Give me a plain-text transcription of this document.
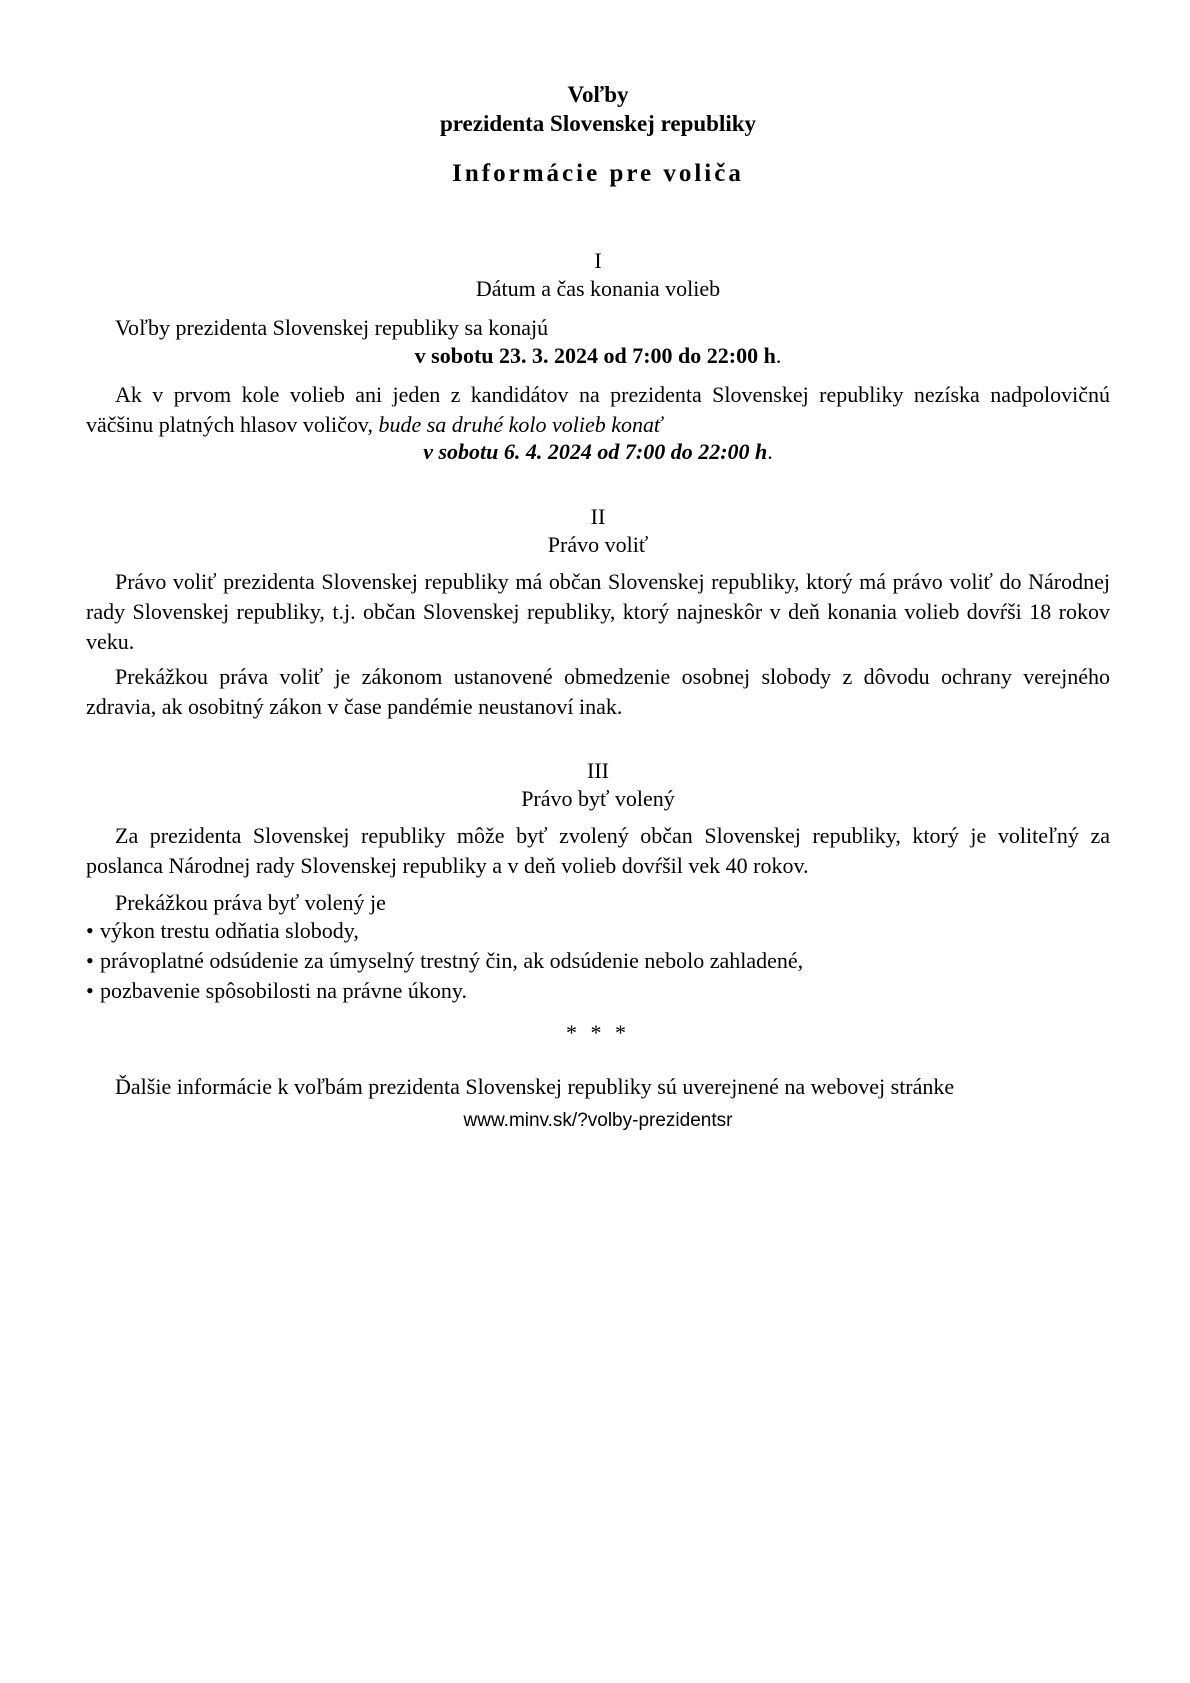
Voľby
prezidenta Slovenskej republiky
Informácie pre voliča
I
Dátum a čas konania volieb

Voľby prezidenta Slovenskej republiky sa konajú

v sobotu 23. 3. 2024 od 7:00 do 22:00 h.

Ak v prvom kole volieb ani jeden z kandidátov na prezidenta Slovenskej republiky nezíska nadpolovičnú väčšinu platných hlasov voličov, bude sa druhé kolo volieb konať

v sobotu 6. 4. 2024 od 7:00 do 22:00 h.
II
Právo voliť

Právo voliť prezidenta Slovenskej republiky má občan Slovenskej republiky, ktorý má právo voliť do Národnej rady Slovenskej republiky, t.j. občan Slovenskej republiky, ktorý najneskôr v deň konania volieb dovŕši 18 rokov veku.

Prekážkou práva voliť je zákonom ustanovené obmedzenie osobnej slobody z dôvodu ochrany verejného zdravia, ak osobitný zákon v čase pandémie neustanoví inak.

III
Právo byť volený

Za prezidenta Slovenskej republiky môže byť zvolený občan Slovenskej republiky, ktorý je voliteľný za poslanca Národnej rady Slovenskej republiky a v deň volieb dovŕšil vek 40 rokov.

Prekážkou práva byť volený je

• výkon trestu odňatia slobody,
• právoplatné odsúdenie za úmyselný trestný čin, ak odsúdenie nebolo zahladené,
• pozbavenie spôsobilosti na právne úkony.
* * *

Ďalšie informácie k voľbám prezidenta Slovenskej republiky sú uverejnené na webovej stránke

www.minv.sk/?volby-prezidentsr
